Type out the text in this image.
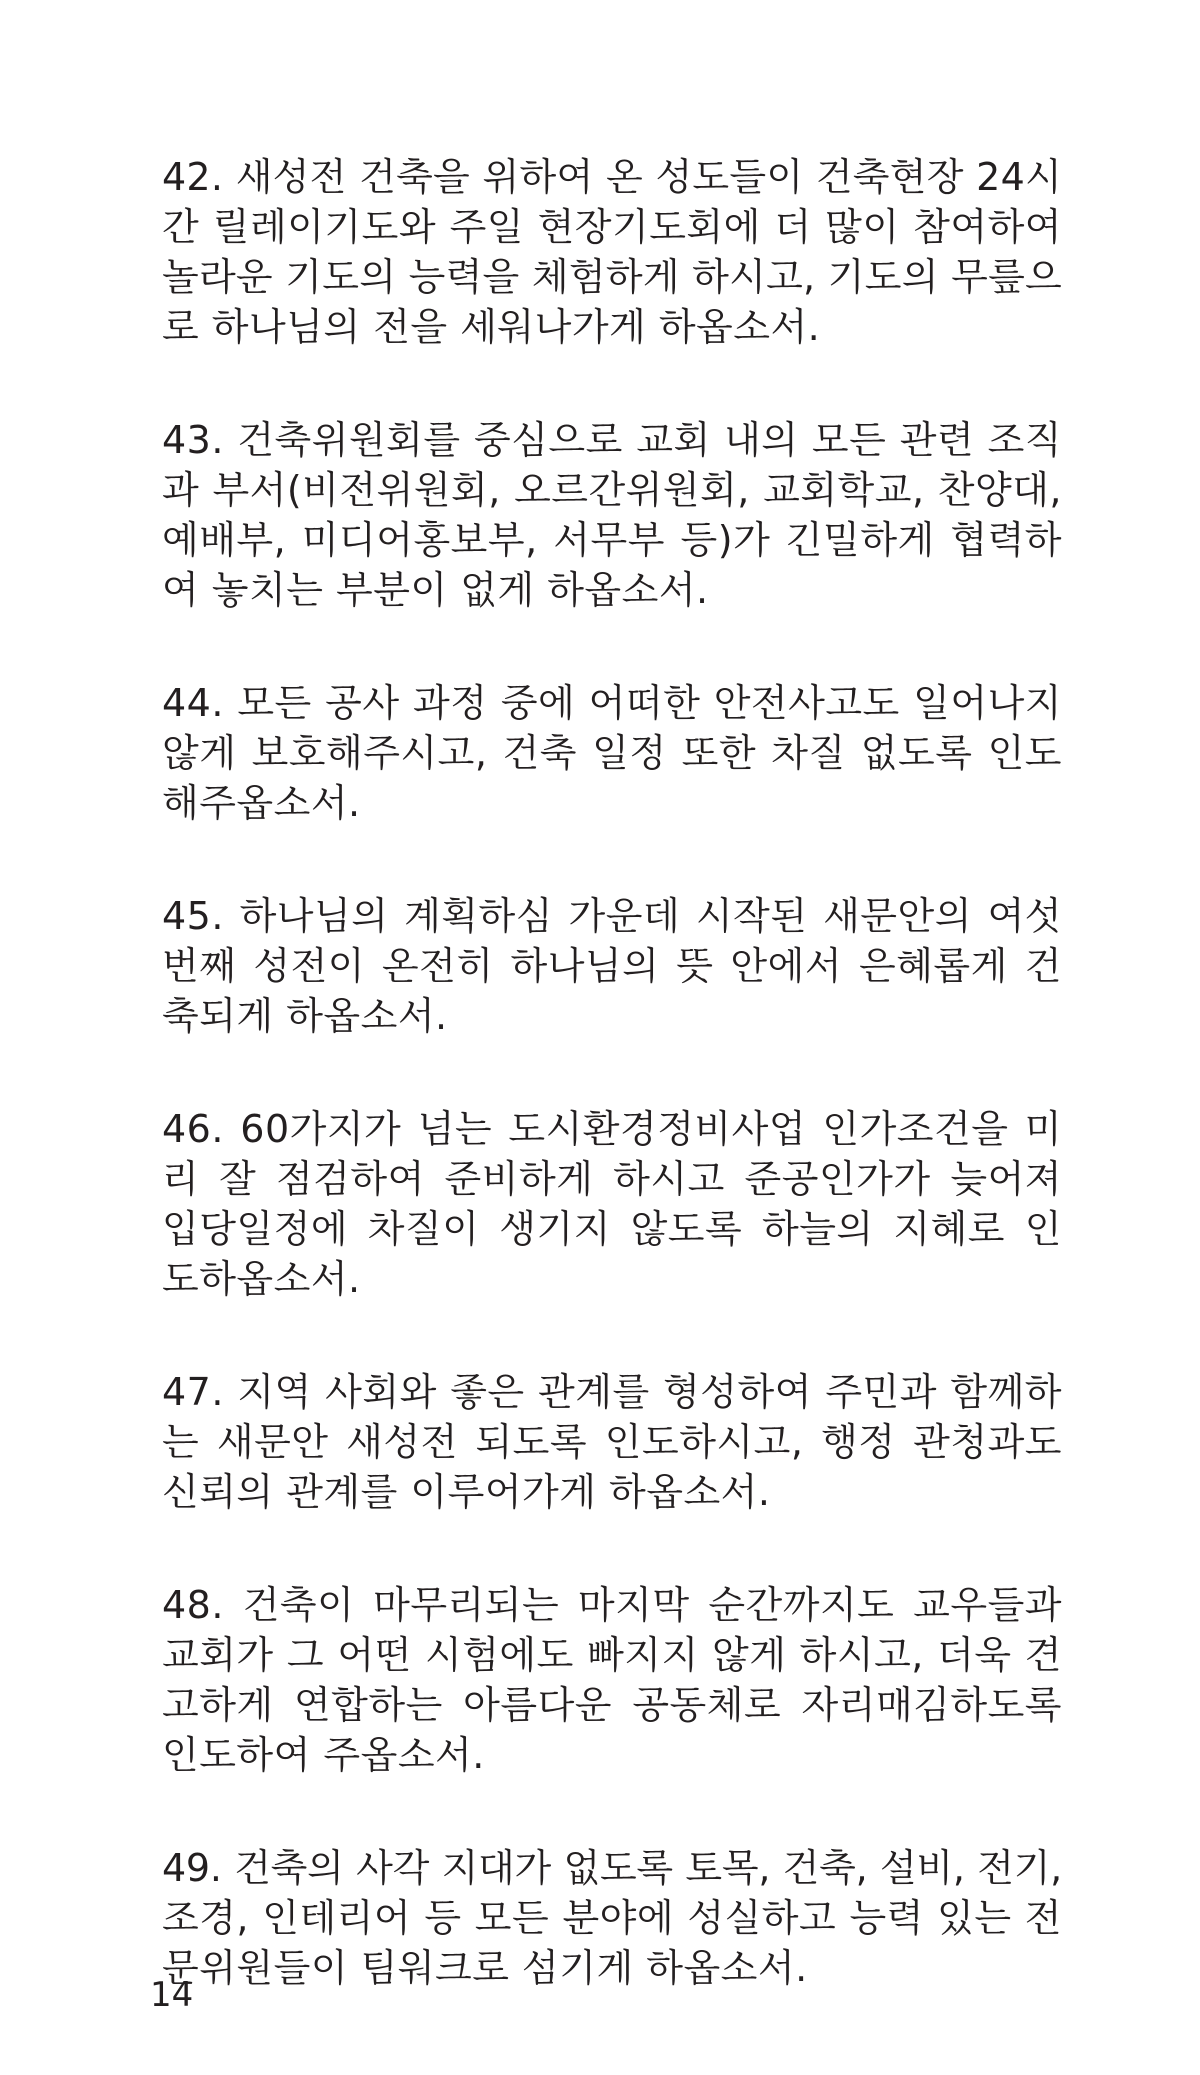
42. 새성전 건축을 위하여 온 성도들이 건축현장 24시
간 릴레이기도와 주일 현장기도회에 더 많이 참여하여
놀라운 기도의 능력을 체험하게 하시고, 기도의 무릎으
로 하나님의 전을 세워나가게 하옵소서.
43. 건축위원회를 중심으로 교회 내의 모든 관련 조직
과 부서(비전위원회, 오르간위원회, 교회학교, 찬양대,
예배부, 미디어홍보부, 서무부 등)가 긴밀하게 협력하
여 놓치는 부분이 없게 하옵소서.
44. 모든 공사 과정 중에 어떠한 안전사고도 일어나지
않게 보호해주시고, 건축 일정 또한 차질 없도록 인도
해주옵소서.
45. 하나님의 계획하심 가운데 시작된 새문안의 여섯
번째 성전이 온전히 하나님의 뜻 안에서 은혜롭게 건
축되게 하옵소서.
46. 60가지가 넘는 도시환경정비사업 인가조건을 미
리 잘 점검하여 준비하게 하시고 준공인가가 늦어져
입당일정에 차질이 생기지 않도록 하늘의 지혜로 인
도하옵소서.
47. 지역 사회와 좋은 관계를 형성하여 주민과 함께하
는 새문안 새성전 되도록 인도하시고, 행정 관청과도
신뢰의 관계를 이루어가게 하옵소서.
48. 건축이 마무리되는 마지막 순간까지도 교우들과
교회가 그 어떤 시험에도 빠지지 않게 하시고, 더욱 견
고하게 연합하는 아름다운 공동체로 자리매김하도록
인도하여 주옵소서.
49. 건축의 사각 지대가 없도록 토목, 건축, 설비, 전기,
조경, 인테리어 등 모든 분야에 성실하고 능력 있는 전
문위원들이 팀워크로 섬기게 하옵소서.
14
